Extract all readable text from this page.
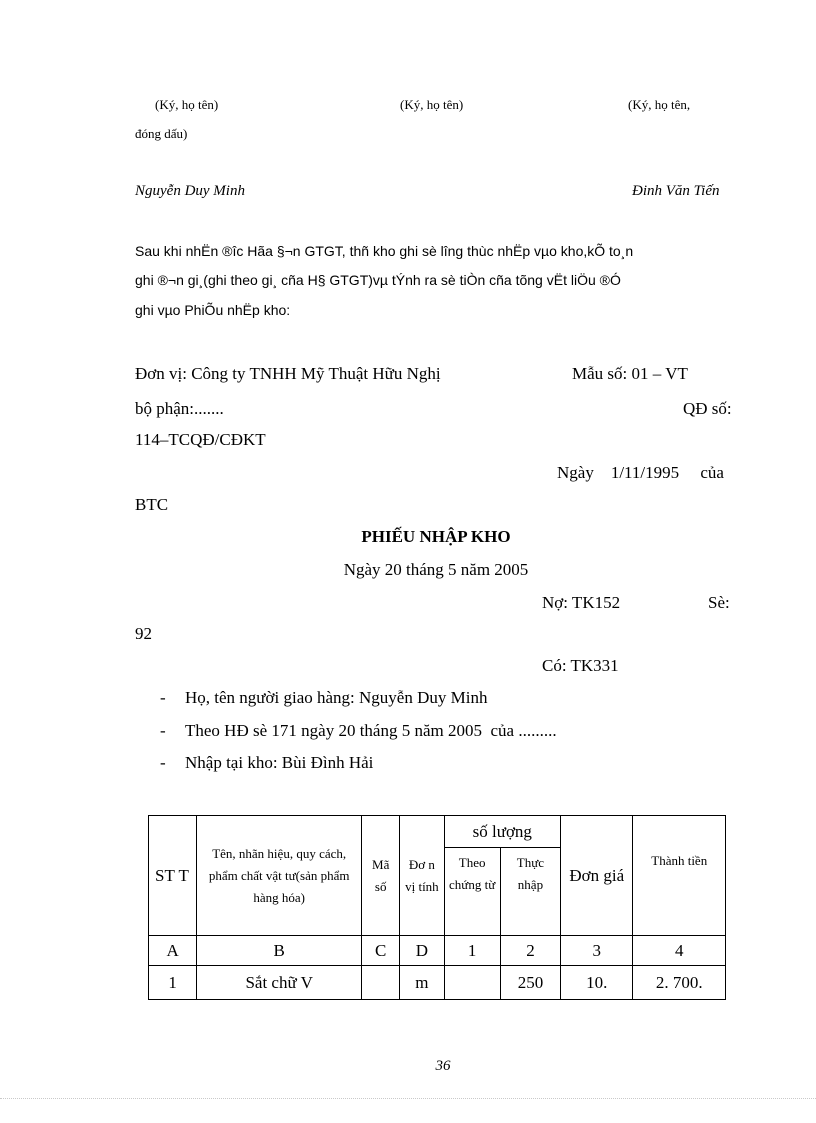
(Ký, họ tên)	(Ký, họ tên)	(Ký, họ tên,
đóng dấu)
Nguyễn Duy Minh	Đinh Văn Tiến
Sau khi nhËn ®îc Hãa §¬n GTGT, thñ kho ghi sè lîng thùc nhËp vµo kho,kÕ to¸n
ghi ®¬n gi¸(ghi theo gi¸ cña H§ GTGT)vµ tÝnh ra sè tiÒn cña tõng vËt liÖu ®Ó
ghi vµo PhiÕu nhËp kho:
Đơn vị: Công ty TNHH Mỹ Thuật Hữu Nghị	Mẫu số: 01 – VT
bộ phận:.......	QĐ số:
114–TCQĐ/CĐKT
Ngày    1/11/1995     của
BTC
PHIẾU NHẬP KHO
Ngày 20 tháng 5 năm 2005
Nợ: TK152	Sè:
92
Có: TK331
- Họ, tên người giao hàng: Nguyễn Duy Minh
- Theo HĐ sè 171 ngày 20 tháng 5 năm 2005  của .........
- Nhập tại kho: Bùi Đình Hải
ST T	Tên, nhãn hiệu, quy cách, phẩm chất vật tư(sản phẩm hàng hóa)	Mã số	Đơ n vị tính	số lượng		Đơn giá	Thành tiền
				Theo chứng từ	Thực nhập		
A	B	C	D	1	2	3	4
1	Sắt chữ V		m		250	10.	2. 700.
36
